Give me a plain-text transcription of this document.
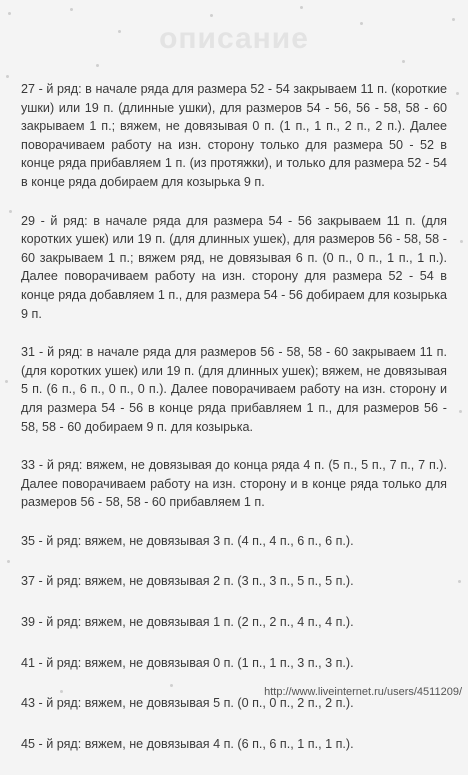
описание

27 - й ряд: в начале ряда для размера 52 - 54 закрываем 11 п. (короткие ушки) или 19 п. (длинные ушки), для размеров 54 - 56, 56 - 58, 58 - 60 закрываем 1 п.; вяжем, не довязывая 0 п. (1 п., 1 п., 2 п., 2 п.). Далее поворачиваем работу на изн. сторону только для размера 50 - 52 в конце ряда прибавляем 1 п. (из протяжки), и только для размера 52 - 54 в конце ряда добираем для козырька 9 п.

29 - й ряд: в начале ряда для размера 54 - 56 закрываем 11 п. (для коротких ушек) или 19 п. (для длинных ушек), для размеров 56 - 58, 58 - 60 закрываем 1 п.; вяжем ряд, не довязывая 6 п. (0 п., 0 п., 1 п., 1 п.). Далее поворачиваем работу на изн. сторону для размера 52 - 54 в конце ряда добавляем 1 п., для размера 54 - 56 добираем для козырька 9 п.

31 - й ряд: в начале ряда для размеров 56 - 58, 58 - 60 закрываем 11 п. (для коротких ушек) или 19 п. (для длинных ушек); вяжем, не довязывая 5 п. (6 п., 6 п., 0 п., 0 п.). Далее поворачиваем работу на изн. сторону и для размера 54 - 56 в конце ряда прибавляем 1 п., для размеров 56 - 58, 58 - 60 добираем 9 п. для козырька.

33 - й ряд: вяжем, не довязывая до конца ряда 4 п. (5 п., 5 п., 7 п., 7 п.). Далее поворачиваем работу на изн. сторону и в конце ряда только для размеров 56 - 58, 58 - 60 прибавляем 1 п.

35 - й ряд: вяжем, не довязывая 3 п. (4 п., 4 п., 6 п., 6 п.).

37 - й ряд: вяжем, не довязывая 2 п. (3 п., 3 п., 5 п., 5 п.).

39 - й ряд: вяжем, не довязывая 1 п. (2 п., 2 п., 4 п., 4 п.).

41 - й ряд: вяжем, не довязывая 0 п. (1 п., 1 п., 3 п., 3 п.).

43 - й ряд: вяжем, не довязывая 5 п. (0 п., 0 п., 2 п., 2 п.).

45 - й ряд: вяжем, не довязывая 4 п. (6 п., 6 п., 1 п., 1 п.).

http://www.liveinternet.ru/users/4511209/
